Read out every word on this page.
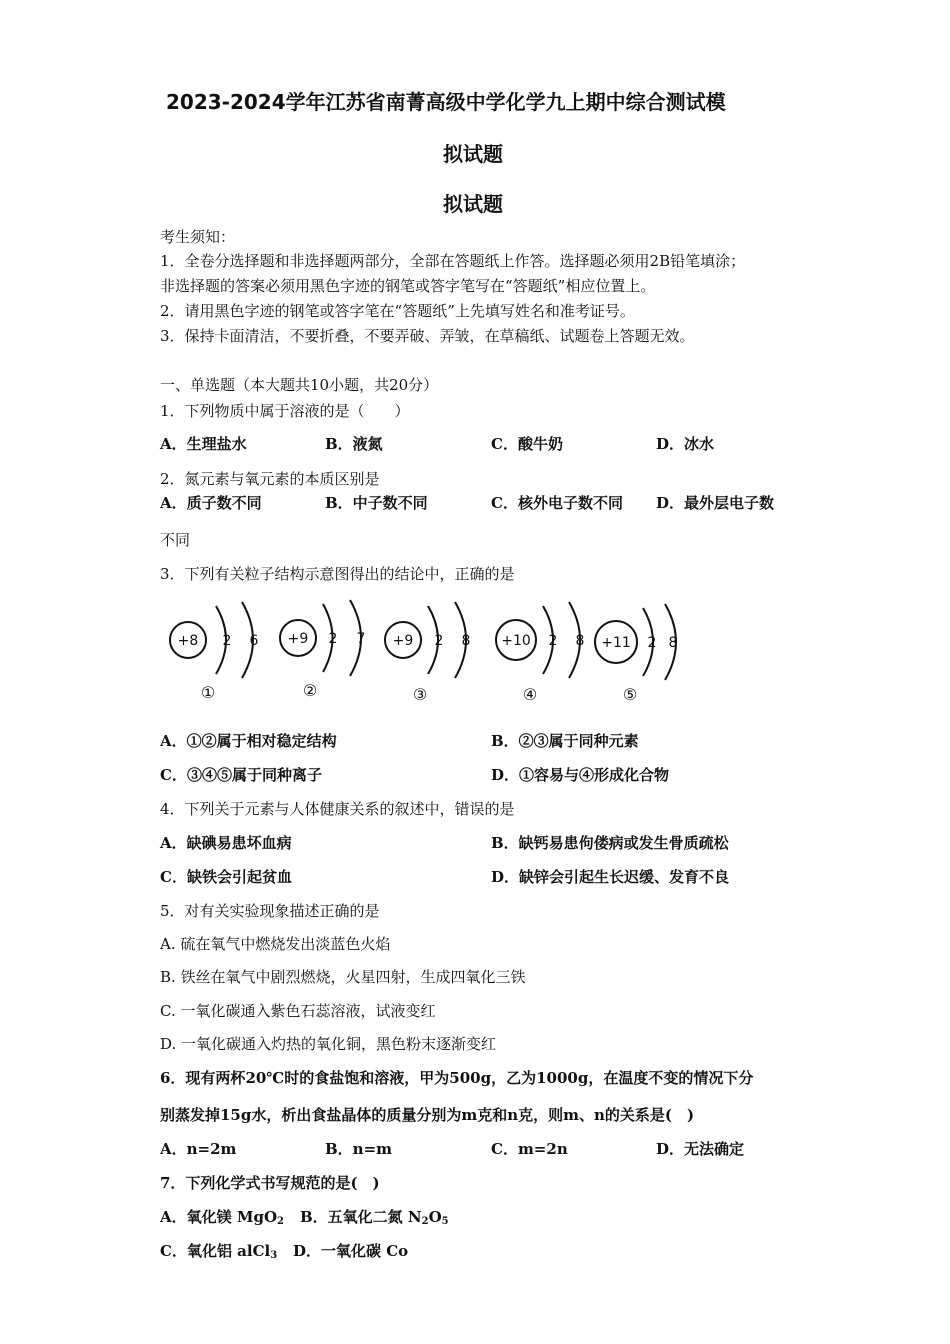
2023-2024学年江苏省南菁高级中学化学九上期中综合测试模
拟试题
拟试题
考生须知：
1．全卷分选择题和非选择题两部分，全部在答题纸上作答。选择题必须用2B铅笔填涂；
非选择题的答案必须用黑色字迹的钢笔或答字笔写在“答题纸”相应位置上。
2．请用黑色字迹的钢笔或答字笔在“答题纸”上先填写姓名和准考证号。
3．保持卡面清洁，不要折叠，不要弄破、弄皱，在草稿纸、试题卷上答题无效。
一、单选题（本大题共10小题，共20分）
1．下列物质中属于溶液的是（　　）
A．生理盐水	B．液氮	C．酸牛奶	D．冰水
2．氮元素与氧元素的本质区别是
A．质子数不同	B．中子数不同	C．核外电子数不同 D．最外层电子数
不同
3．下列有关粒子结构示意图得出的结论中，正确的是
+8 2 6
①
+9 2 7
②
+9 2 8
③
+10 2 8
④
+11 2 8
⑤
A．①②属于相对稳定结构	B．②③属于同种元素
C．③④⑤属于同种离子	D．①容易与④形成化合物
4．下列关于元素与人体健康关系的叙述中，错误的是
A．缺碘易患坏血病	B．缺钙易患佝偻病或发生骨质疏松
C．缺铁会引起贫血	D．缺锌会引起生长迟缓、发育不良
5．对有关实验现象描述正确的是
A. 硫在氧气中燃烧发出淡蓝色火焰
B. 铁丝在氧气中剧烈燃烧，火星四射，生成四氧化三铁
C. 一氧化碳通入紫色石蕊溶液，试液变红
D. 一氧化碳通入灼热的氧化铜，黑色粉末逐渐变红
6．现有两杯20℃时的食盐饱和溶液，甲为500g，乙为1000g，在温度不变的情况下分
别蒸发掉15g水，析出食盐晶体的质量分别为m克和n克，则m、n的关系是(　)
A．n=2m	B．n=m	C．m=2n	D．无法确定
7．下列化学式书写规范的是(　)
A．氧化镁 MgO$_2$ B．五氧化二氮 $N_2O_5$
C．氧化铝 alCl$_3$ D．一氧化碳 Co
